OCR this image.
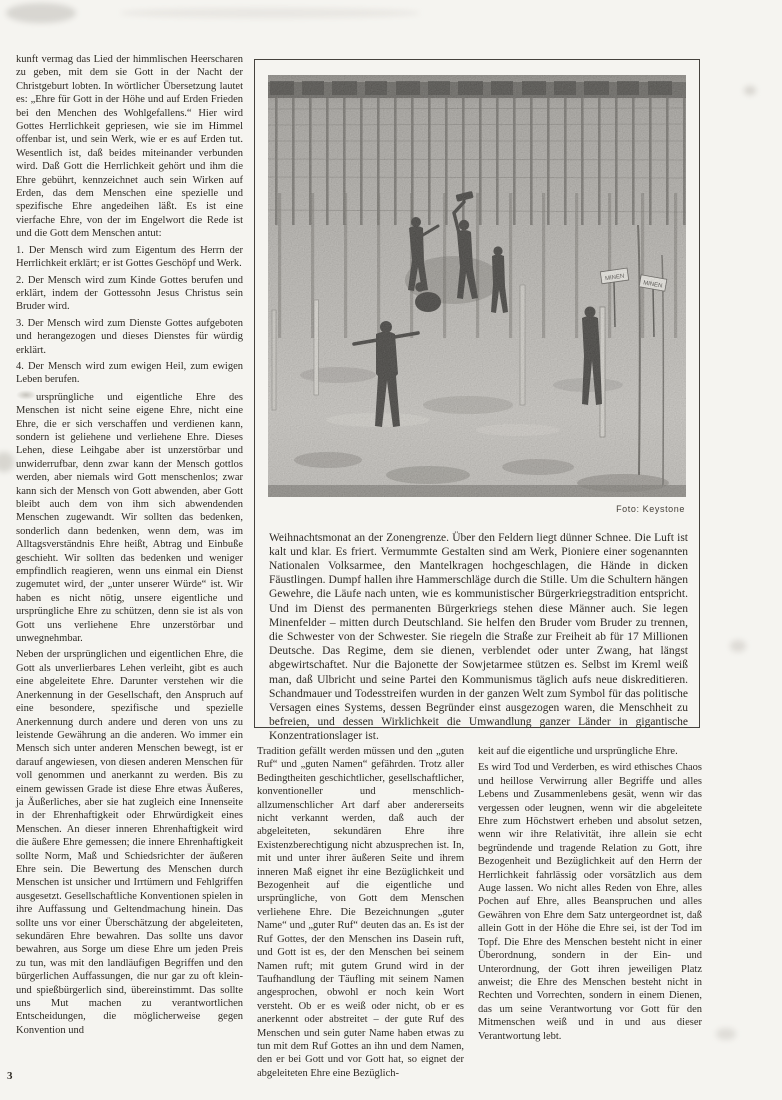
kunft vermag das Lied der himmlischen Heerscharen zu geben, mit dem sie Gott in der Nacht der Christgeburt lobten. In wörtlicher Übersetzung lautet es: „Ehre für Gott in der Höhe und auf Erden Frieden bei den Menchen des Wohlgefallens.“ Hier wird Gottes Herrlichkeit gepriesen, wie sie im Himmel offenbar ist, und sein Werk, wie er es auf Erden tut. Wesentlich ist, daß beides miteinander verbunden wird. Daß Gott die Herrlichkeit gehört und ihm die Ehre gebührt, kennzeichnet auch sein Wirken auf Erden, das dem Menschen eine spezielle und spezifische Ehre angedeihen läßt. Es ist eine vierfache Ehre, von der im Engelwort die Rede ist und die Gott dem Menschen antut:

1. Der Mensch wird zum Eigentum des Herrn der Herrlichkeit erklärt; er ist Gottes Geschöpf und Werk.

2. Der Mensch wird zum Kinde Gottes berufen und erklärt, indem der Gottessohn Jesus Christus sein Bruder wird.

3. Der Mensch wird zum Dienste Gottes aufgeboten und herangezogen und dieses Dienstes für würdig erklärt.

4. Der Mensch wird zum ewigen Heil, zum ewigen Leben berufen.

ursprüngliche und eigentliche Ehre des Menschen ist nicht seine eigene Ehre, nicht eine Ehre, die er sich verschaffen und verdienen kann, sondern ist geliehene und verliehene Ehre. Dieses Lehen, diese Leihgabe aber ist unzerstörbar und unwiderrufbar, denn zwar kann der Mensch gottlos werden, aber niemals wird Gott menschenlos; zwar kann sich der Mensch von Gott abwenden, aber Gott bleibt auch dem von ihm sich abwendenden Menschen zugewandt. Wir sollten das bedenken, sonderlich dann bedenken, wenn dem, was im Alltagsverständnis Ehre heißt, Abtrag und Einbuße geschieht. Wir sollten das bedenken und weniger empfindlich reagieren, wenn uns einmal ein Dienst zugemutet wird, der „unter unserer Würde“ ist. Wir haben es nicht nötig, unsere eigentliche und ursprüngliche Ehre zu schützen, denn sie ist als von Gott uns verliehene Ehre unzerstörbar und unwegnehmbar.

Neben der ursprünglichen und eigentlichen Ehre, die Gott als unverlierbares Lehen verleiht, gibt es auch eine abgeleitete Ehre. Darunter verstehen wir die Anerkennung in der Gesellschaft, den Anspruch auf eine besondere, spezifische und spezielle Anerkennung durch andere und deren von uns zu leistende Gewährung an die anderen. Wo immer ein Mensch sich unter anderen Menschen bewegt, ist er darauf angewiesen, von diesen anderen Menschen für voll genommen und anerkannt zu werden. Bis zu einem gewissen Grade ist diese Ehre etwas Äußeres, ja Äußerliches, aber sie hat zugleich eine Innenseite in der Ehrenhaftigkeit oder Ehrwürdigkeit eines Menschen. An dieser inneren Ehrenhaftigkeit wird die äußere Ehre gemessen; die innere Ehrenhaftigkeit sollte Norm, Maß und Schiedsrichter der äußeren Ehre sein. Die Bewertung des Menschen durch Menschen ist unsicher und Irrtümern und Fehlgriffen ausgesetzt. Gesellschaftliche Konventionen spielen in ihre Auffassung und Geltendmachung hinein. Das sollte uns vor einer Überschätzung der abgeleiteten, sekundären Ehre bewahren. Das sollte uns davor bewahren, aus Sorge um diese Ehre um jeden Preis zu tun, was mit den landläufigen Begriffen und den bürgerlichen Auffassungen, die nur gar zu oft klein- und spießbürgerlich sind, übereinstimmt. Das sollte uns Mut machen zu verantwortlichen Entscheidungen, die möglicherweise gegen Konvention und

Foto: Keystone

Weihnachtsmonat an der Zonengrenze. Über den Feldern liegt dünner Schnee. Die Luft ist kalt und klar. Es friert. Vermummte Gestalten sind am Werk, Pioniere einer sogenannten Nationalen Volksarmee, den Mantelkragen hochgeschlagen, die Hände in dicken Fäustlingen. Dumpf hallen ihre Hammerschläge durch die Stille. Um die Schultern hängen Gewehre, die Läufe nach unten, wie es kommunistischer Bürgerkriegstradition entspricht. Und im Dienst des permanenten Bürgerkriegs stehen diese Männer auch. Sie legen Minenfelder – mitten durch Deutschland. Sie helfen den Bruder vom Bruder zu trennen, die Schwester von der Schwester. Sie riegeln die Straße zur Freiheit ab für 17 Millionen Deutsche. Das Regime, dem sie dienen, verblendet oder unter Zwang, hat längst abgewirtschaftet. Nur die Bajonette der Sowjetarmee stützen es. Selbst im Kreml weiß man, daß Ulbricht und seine Partei den Kommunismus täglich aufs neue diskreditieren. Schandmauer und Todesstreifen wurden in der ganzen Welt zum Symbol für das politische Versagen eines Systems, dessen Begründer einst ausgezogen waren, die Menschheit zu befreien, und dessen Wirklichkeit die Umwandlung ganzer Länder in gigantische Konzentrationslager ist.

Tradition gefällt werden müssen und den „guten Ruf“ und „guten Namen“ gefährden. Trotz aller Bedingtheiten geschichtlicher, gesellschaftlicher, konventioneller und menschlich-allzumenschlicher Art darf aber andererseits nicht verkannt werden, daß auch der abgeleiteten, sekundären Ehre ihre Existenzberechtigung nicht abzusprechen ist. In, mit und unter ihrer äußeren Seite und ihrem inneren Maß eignet ihr eine Bezüglichkeit und Bezogenheit auf die eigentliche und ursprüngliche, von Gott dem Menschen verliehene Ehre. Die Bezeichnungen „guter Name“ und „guter Ruf“ deuten das an. Es ist der Ruf Gottes, der den Menschen ins Dasein ruft, und Gott ist es, der den Menschen bei seinem Namen ruft; mit gutem Grund wird in der Taufhandlung der Täufling mit seinem Namen angesprochen, obwohl er noch kein Wort versteht. Ob er es weiß oder nicht, ob er es anerkennt oder abstreitet – der gute Ruf des Menschen und sein guter Name haben etwas zu tun mit dem Ruf Gottes an ihn und dem Namen, den er bei Gott und vor Gott hat, so eignet der abgeleiteten Ehre eine Bezüglich-

keit auf die eigentliche und ursprüngliche Ehre.

Es wird Tod und Verderben, es wird ethisches Chaos und heillose Verwirrung aller Begriffe und alles Lebens und Zusammenlebens gesät, wenn wir das vergessen oder leugnen, wenn wir die abgeleitete Ehre zum Höchstwert erheben und absolut setzen, wenn wir ihre Relativität, ihre allein sie echt begründende und tragende Relation zu Gott, ihre Bezogenheit und Bezüglichkeit auf den Herrn der Herrlichkeit fahrlässig oder vorsätzlich aus dem Auge lassen. Wo nicht alles Reden von Ehre, alles Pochen auf Ehre, alles Beanspruchen und alles Gewähren von Ehre dem Satz untergeordnet ist, daß allein Gott in der Höhe die Ehre sei, ist der Tod im Topf. Die Ehre des Menschen besteht nicht in einer Überordnung, sondern in der Ein- und Unterordnung, der Gott ihren jeweiligen Platz anweist; die Ehre des Menschen besteht nicht in Rechten und Vorrechten, sondern in einem Dienen, das um seine Verantwortung vor Gott für den Mitmenschen weiß und in und aus dieser Verantwortung lebt.

3
